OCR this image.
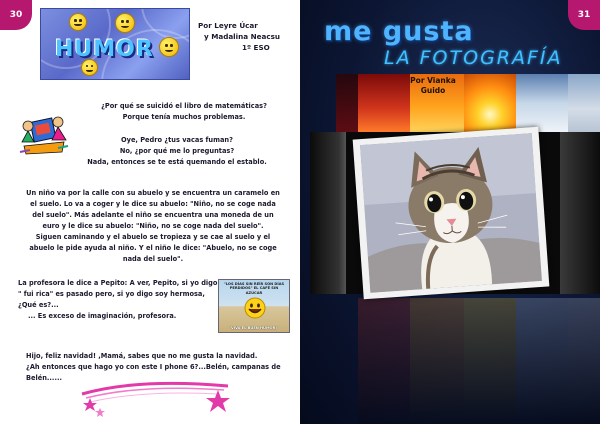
30
HUMOR
Por Leyre Úcar
y Madalina Neacsu
1º ESO
¿Por qué se suicidó el libro de matemáticas?
Porque tenía muchos problemas.
Oye, Pedro ¿tus vacas fuman?
No, ¿por qué me lo preguntas?
Nada, entonces se te está quemando el establo.
Un niño va por la calle con su abuelo y se encuentra un caramelo en
el suelo. Lo va a coger y le dice su abuelo: "Niño, no se coge nada
del suelo". Más adelante el niño se encuentra una moneda de un
euro y le dice su abuelo: "Niño, no se coge nada del suelo".
Siguen caminando y el abuelo se tropieza y se cae al suelo y el
abuelo le pide ayuda al niño. Y el niño le dice: "Abuelo, no se coge
nada del suelo".
La profesora le dice a Pepito: A ver, Pepito, si yo digo
" fui rica" es pasado pero, si yo digo soy hermosa,
¿Qué es?...
... Es exceso de imaginación, profesora.
"LOS DÍAS SIN REÍR SON DÍAS PERDIDOS" EL CAFÉ SIN AZÚCAR
"VIVA EL BUEN HUMOR!"
Hijo, feliz navidad! ,Mamá, sabes que no me gusta la navidad.
¿Ah entonces que hago yo con este I phone 6?...Belén, campanas de
Belén......
31
me gusta
LA FOTOGRAFÍA
Por Vianka
Guido
